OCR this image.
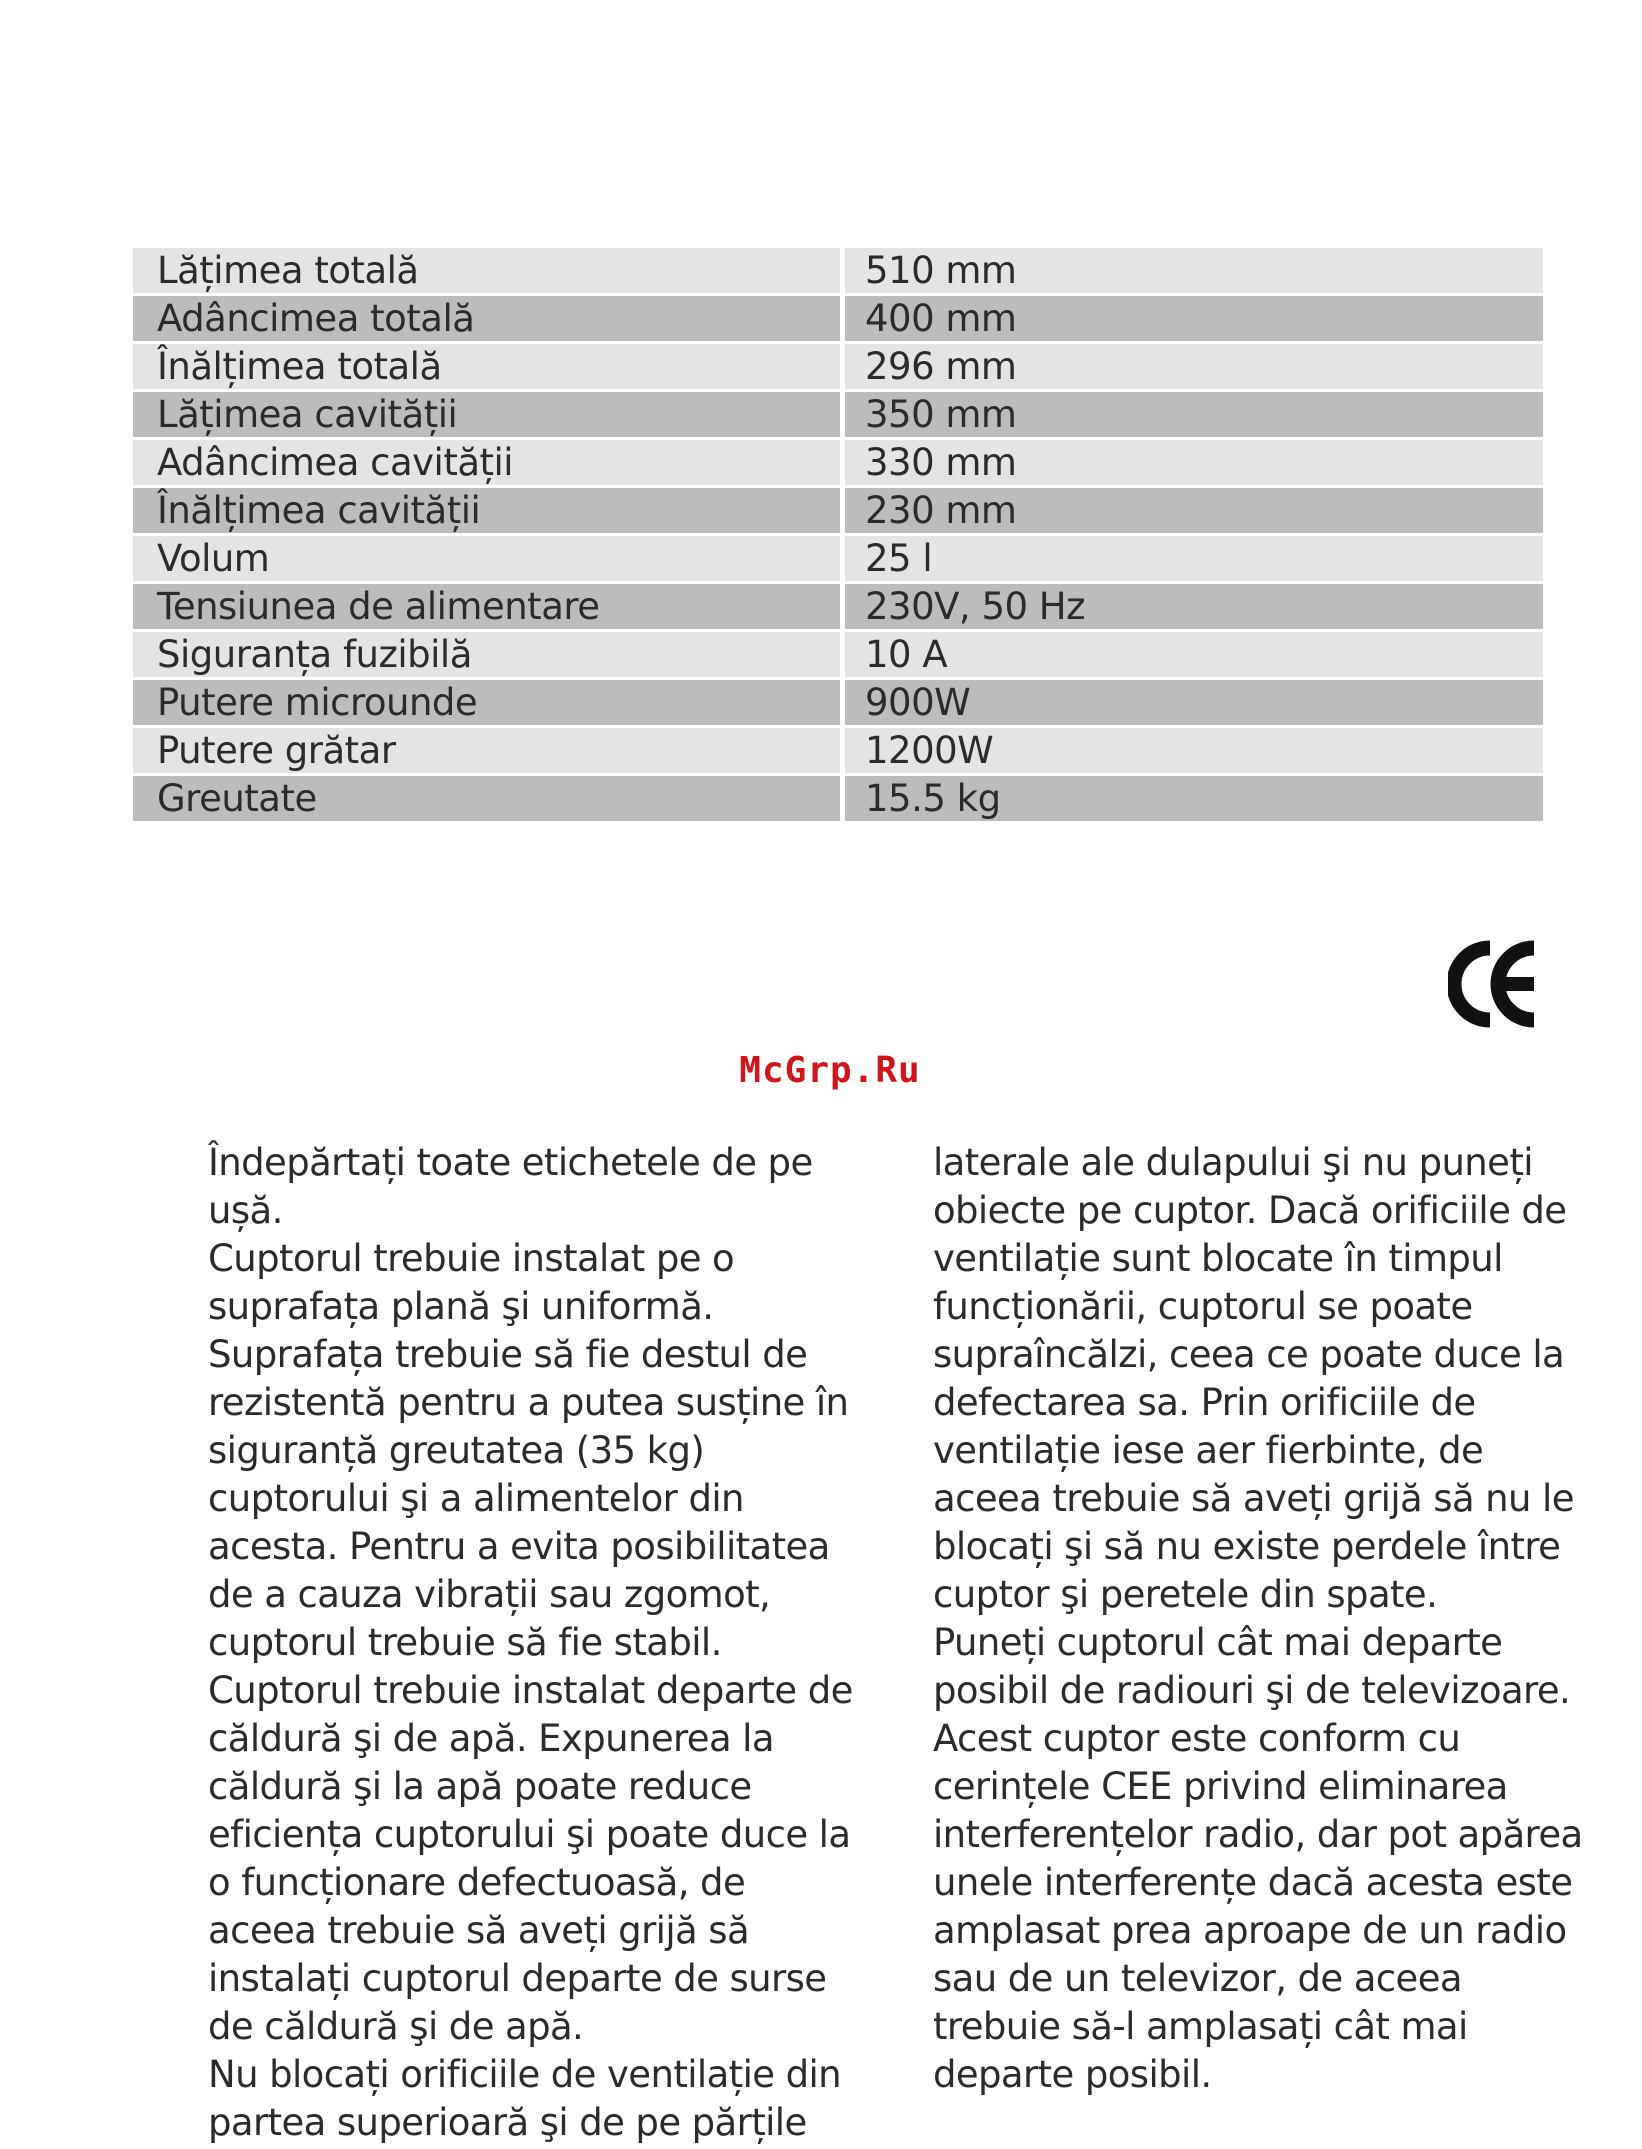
Lățimea totală	510 mm
Adâncimea totală	400 mm
Înălțimea totală	296 mm
Lățimea cavității	350 mm
Adâncimea cavității	330 mm
Înălțimea cavității	230 mm
Volum	25 l
Tensiunea de alimentare	230V, 50 Hz
Siguranța fuzibilă	10 A
Putere microunde	900W
Putere grătar	1200W
Greutate	15.5 kg
McGrp.Ru
Îndepărtați toate etichetele de pe
ușă.
Cuptorul trebuie instalat pe o
suprafața plană şi uniformă.
Suprafața trebuie să fie destul de
rezistentă pentru a putea susține în
siguranță greutatea (35 kg)
cuptorului şi a alimentelor din
acesta. Pentru a evita posibilitatea
de a cauza vibrații sau zgomot,
cuptorul trebuie să fie stabil.
Cuptorul trebuie instalat departe de
căldură şi de apă. Expunerea la
căldură şi la apă poate reduce
eficiența cuptorului şi poate duce la
o funcționare defectuoasă, de
aceea trebuie să aveți grijă să
instalați cuptorul departe de surse
de căldură şi de apă.
Nu blocați orificiile de ventilație din
partea superioară şi de pe părțile
laterale ale dulapului şi nu puneți
obiecte pe cuptor. Dacă orificiile de
ventilație sunt blocate în timpul
funcționării, cuptorul se poate
supraîncălzi, ceea ce poate duce la
defectarea sa. Prin orificiile de
ventilație iese aer fierbinte, de
aceea trebuie să aveți grijă să nu le
blocați şi să nu existe perdele între
cuptor şi peretele din spate.
Puneți cuptorul cât mai departe
posibil de radiouri şi de televizoare.
Acest cuptor este conform cu
cerințele CEE privind eliminarea
interferențelor radio, dar pot apărea
unele interferențe dacă acesta este
amplasat prea aproape de un radio
sau de un televizor, de aceea
trebuie să-l amplasați cât mai
departe posibil.
